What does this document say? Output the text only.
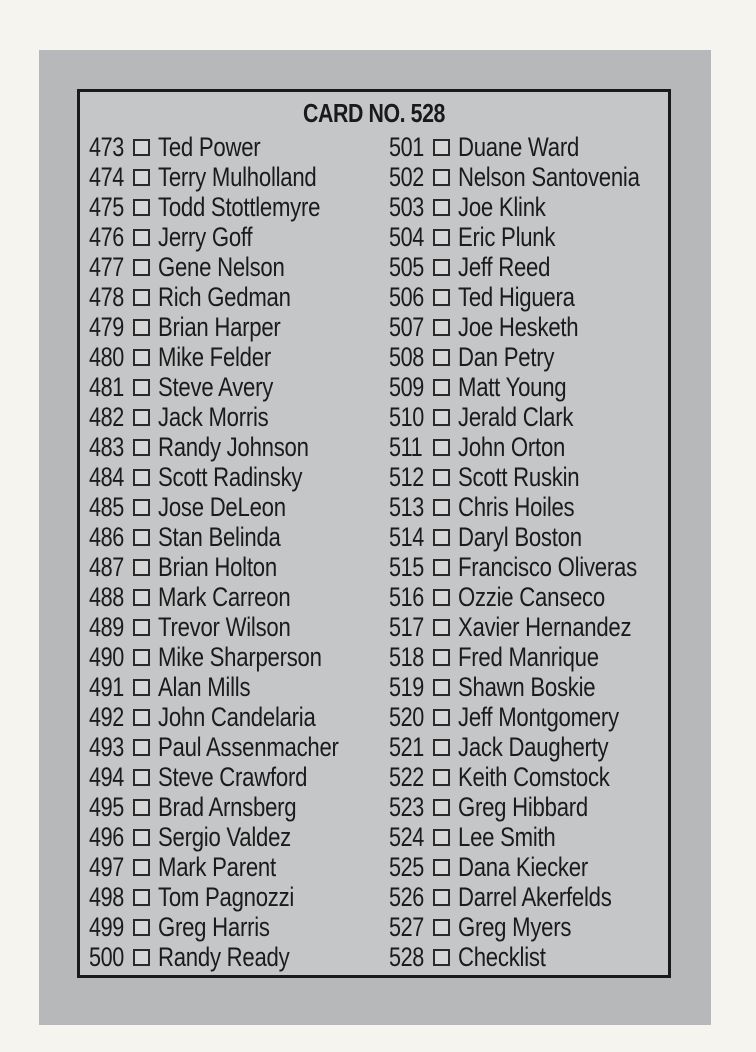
CARD NO. 528
473 Ted Power
474 Terry Mulholland
475 Todd Stottlemyre
476 Jerry Goff
477 Gene Nelson
478 Rich Gedman
479 Brian Harper
480 Mike Felder
481 Steve Avery
482 Jack Morris
483 Randy Johnson
484 Scott Radinsky
485 Jose DeLeon
486 Stan Belinda
487 Brian Holton
488 Mark Carreon
489 Trevor Wilson
490 Mike Sharperson
491 Alan Mills
492 John Candelaria
493 Paul Assenmacher
494 Steve Crawford
495 Brad Arnsberg
496 Sergio Valdez
497 Mark Parent
498 Tom Pagnozzi
499 Greg Harris
500 Randy Ready
501 Duane Ward
502 Nelson Santovenia
503 Joe Klink
504 Eric Plunk
505 Jeff Reed
506 Ted Higuera
507 Joe Hesketh
508 Dan Petry
509 Matt Young
510 Jerald Clark
511 John Orton
512 Scott Ruskin
513 Chris Hoiles
514 Daryl Boston
515 Francisco Oliveras
516 Ozzie Canseco
517 Xavier Hernandez
518 Fred Manrique
519 Shawn Boskie
520 Jeff Montgomery
521 Jack Daugherty
522 Keith Comstock
523 Greg Hibbard
524 Lee Smith
525 Dana Kiecker
526 Darrel Akerfelds
527 Greg Myers
528 Checklist
